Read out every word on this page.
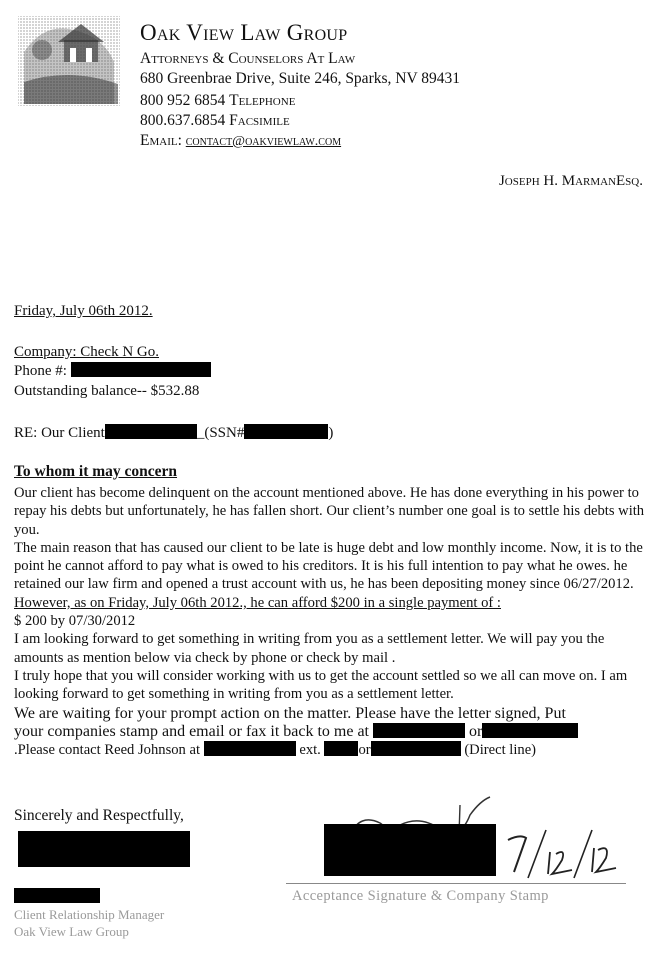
Oak View Law Group
Attorneys & Counselors At Law
680 Greenbrae Drive, Suite 246, Sparks, NV 89431
800 952 6854 Telephone
800.637.6854 Facsimile
Email: contact@oakviewlaw.com
Joseph H. MarmanEsq.
Friday, July 06th 2012.
Company: Check N Go.
Phone #:
Outstanding balance-- $532.88
RE: Our Client	_(SSN#	)
To whom it may concern

Our client has become delinquent on the account mentioned above. He has done everything in his power to repay his debts but unfortunately, he has fallen short. Our client’s number one goal is to settle his debts with you.

The main reason that has caused our client to be late is huge debt and low monthly income. Now, it is to the point he cannot afford to pay what is owed to his creditors. It is his full intention to pay what he owes. he retained our law firm and opened a trust account with us, he has been depositing money since 06/27/2012. However, as on Friday, July 06th 2012., he can afford $200 in a single payment of :

$ 200 by 07/30/2012

I am looking forward to get something in writing from you as a settlement letter. We will pay you the amounts as mention below via check by phone or check by mail .

I truly hope that you will consider working with us to get the account settled so we all can move on. I am looking forward to get something in writing from you as a settlement letter.

We are waiting for your prompt action on the matter. Please have the letter signed, Put

your companies stamp and email or fax it back to me at	or

.Please contact Reed Johnson at	ext.	or	(Direct line)

Sincerely and Respectfully,
Client Relationship Manager
Oak View Law Group
Acceptance Signature & Company Stamp
